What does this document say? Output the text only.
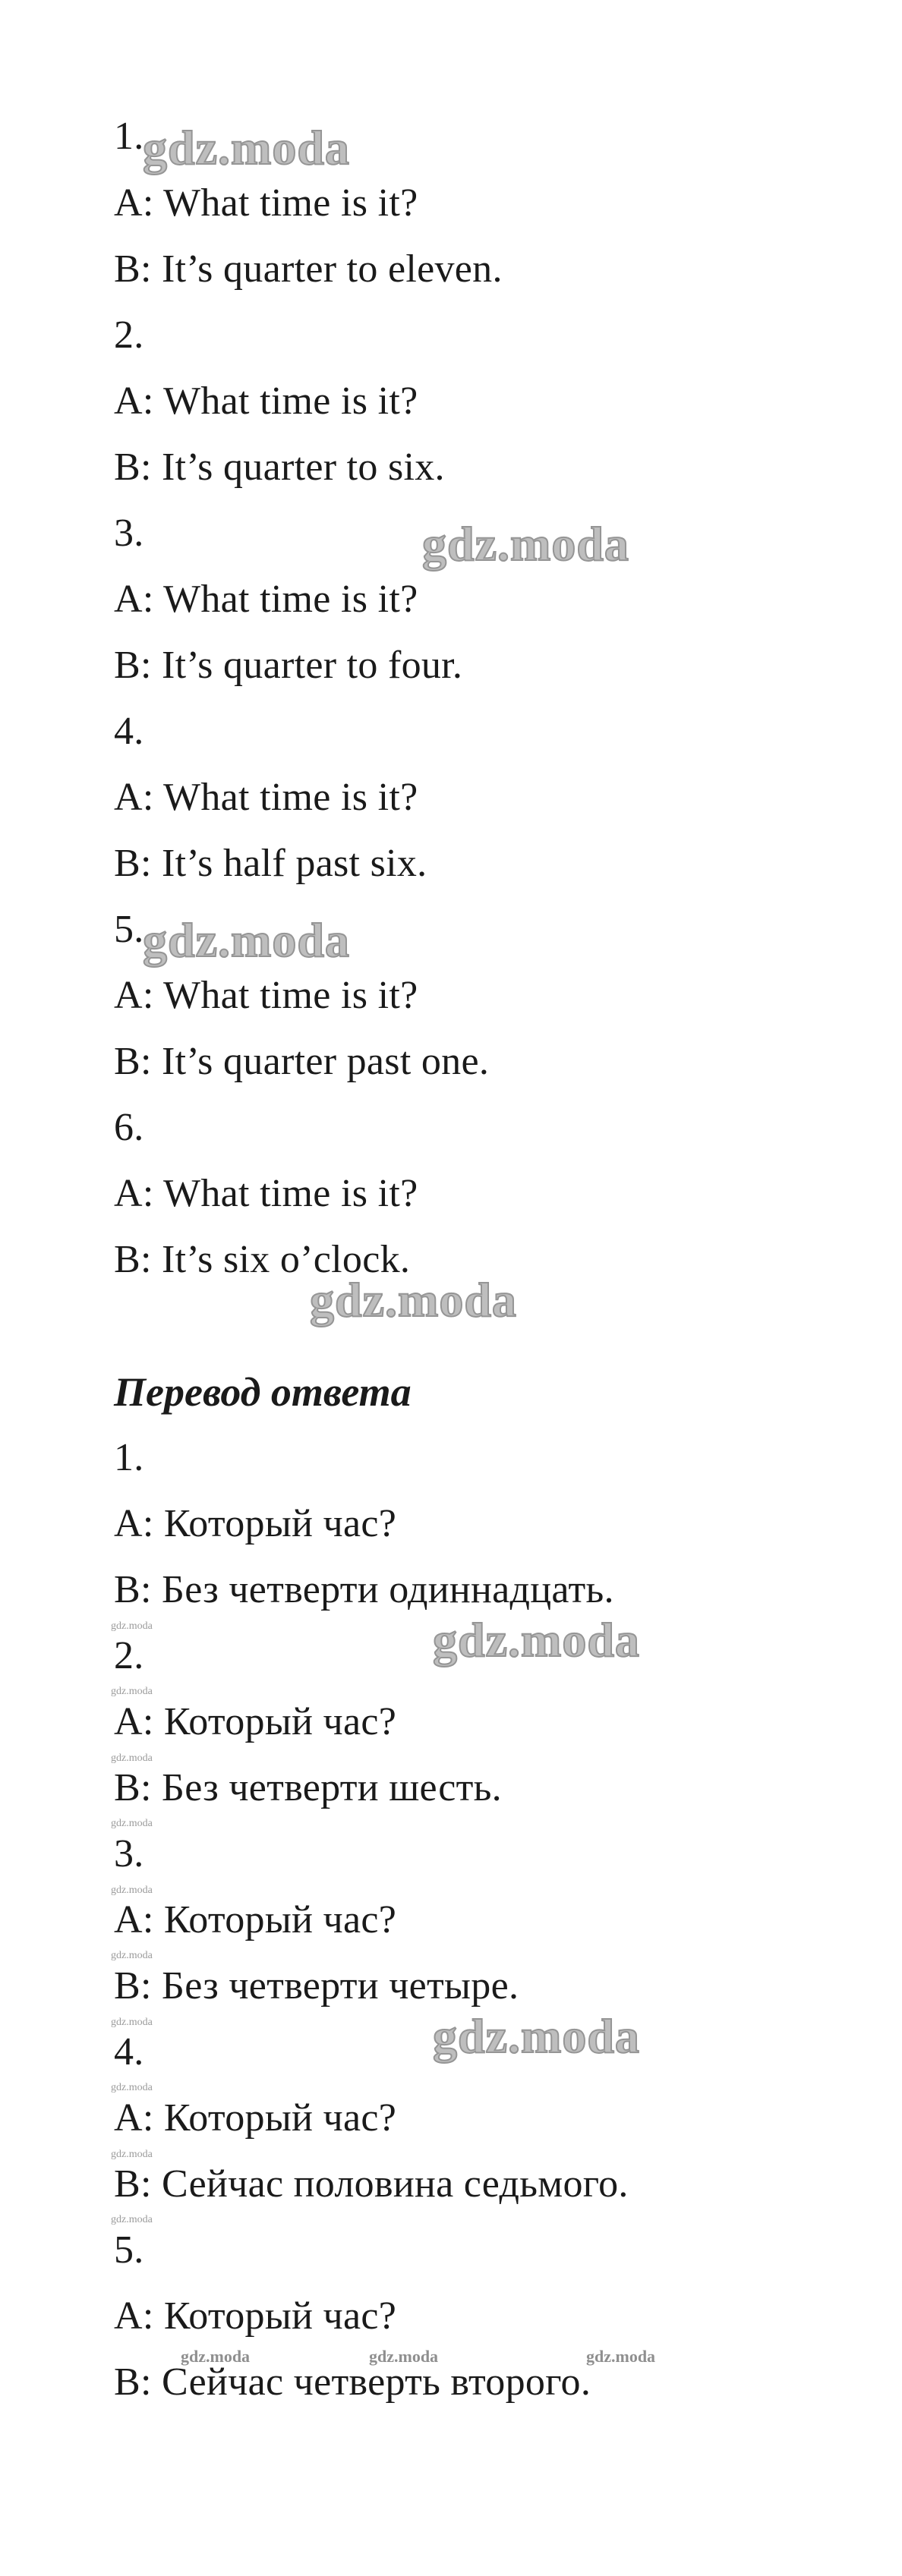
1.
A: What time is it?
B: It’s quarter to eleven.
2.
A: What time is it?
B: It’s quarter to six.
3.
A: What time is it?
B: It’s quarter to four.
4.
A: What time is it?
B: It’s half past six.
5.
A: What time is it?
B: It’s quarter past one.
6.
A: What time is it?
B: It’s six o’clock.
Перевод ответа
1.
A: Который час?
B: Без четверти одиннадцать.
2.
A: Который час?
B: Без четверти шесть.
3.
A: Который час?
B: Без четверти четыре.
4.
A: Который час?
B: Сейчас половина седьмого.
5.
A: Который час?
B: Сейчас четверть второго.
gdz.moda
gdz.moda
gdz.moda
gdz.moda
gdz.moda
gdz.moda
gdz.moda
gdz.moda
gdz.moda
gdz.moda
gdz.moda
gdz.moda
gdz.moda
gdz.moda
gdz.moda
gdz.moda
gdz.moda	gdz.moda	gdz.moda
